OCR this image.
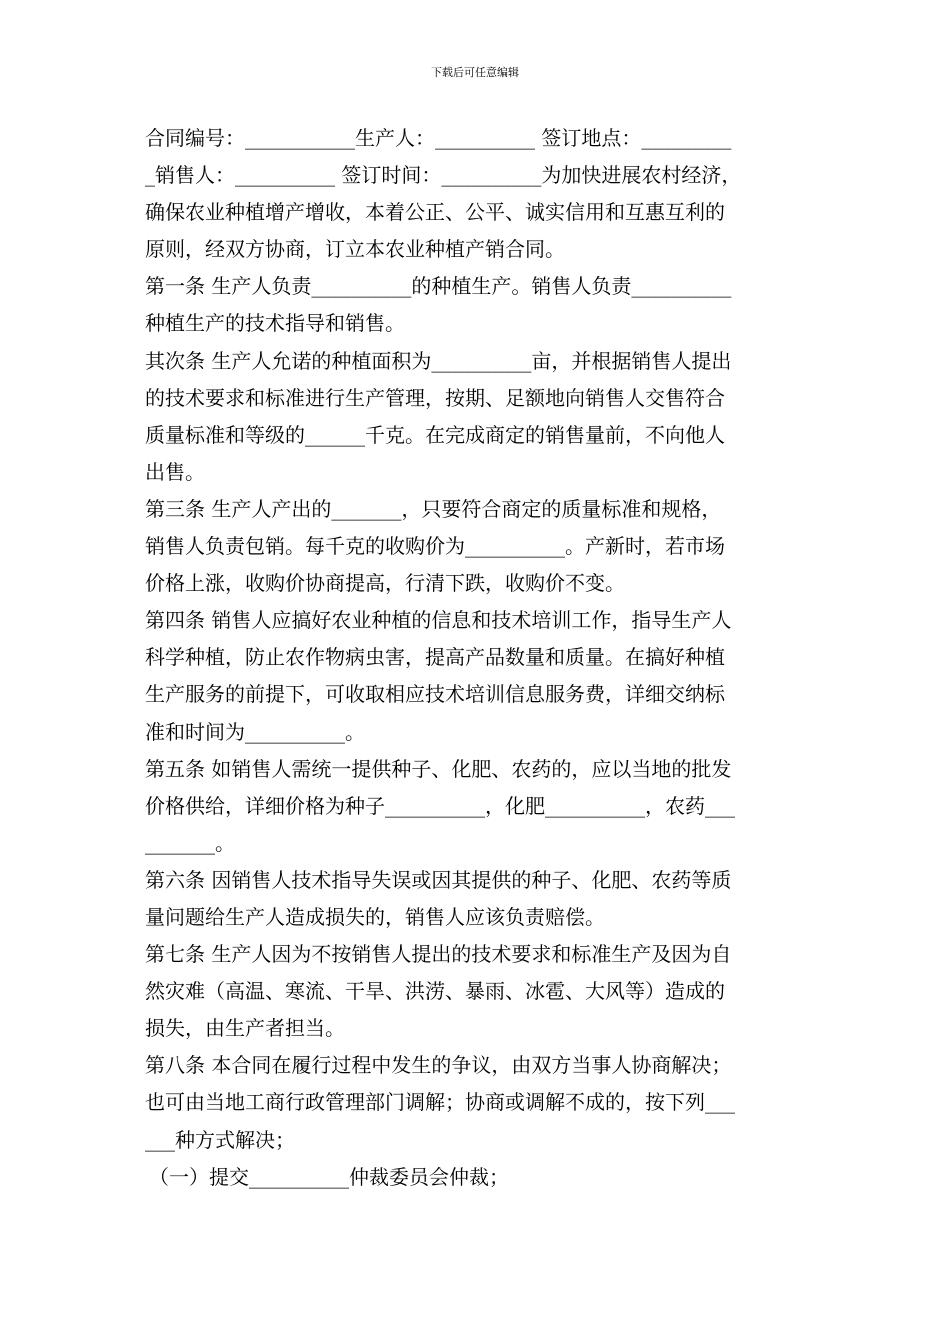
下载后可任意编辑
合同编号：___________生产人：__________ 签订地点：_________
_销售人：__________ 签订时间：__________为加快进展农村经济，
确保农业种植增产增收，本着公正、公平、诚实信用和互惠互利的
原则，经双方协商，订立本农业种植产销合同。
第一条 生产人负责__________的种植生产。销售人负责__________
种植生产的技术指导和销售。
其次条 生产人允诺的种植面积为__________亩，并根据销售人提出
的技术要求和标准进行生产管理，按期、足额地向销售人交售符合
质量标准和等级的______千克。在完成商定的销售量前，不向他人
出售。
第三条 生产人产出的_______，只要符合商定的质量标准和规格，
销售人负责包销。每千克的收购价为__________。产新时，若市场
价格上涨，收购价协商提高，行清下跌，收购价不变。
第四条 销售人应搞好农业种植的信息和技术培训工作，指导生产人
科学种植，防止农作物病虫害，提高产品数量和质量。在搞好种植
生产服务的前提下，可收取相应技术培训信息服务费，详细交纳标
准和时间为__________。
第五条 如销售人需统一提供种子、化肥、农药的，应以当地的批发
价格供给，详细价格为种子__________，化肥__________，农药___
_______。
第六条 因销售人技术指导失误或因其提供的种子、化肥、农药等质
量问题给生产人造成损失的，销售人应该负责赔偿。
第七条 生产人因为不按销售人提出的技术要求和标准生产及因为自
然灾难（高温、寒流、干旱、洪涝、暴雨、冰雹、大风等）造成的
损失，由生产者担当。
第八条 本合同在履行过程中发生的争议，由双方当事人协商解决；
也可由当地工商行政管理部门调解；协商或调解不成的，按下列___
___种方式解决；
（一）提交__________仲裁委员会仲裁；
